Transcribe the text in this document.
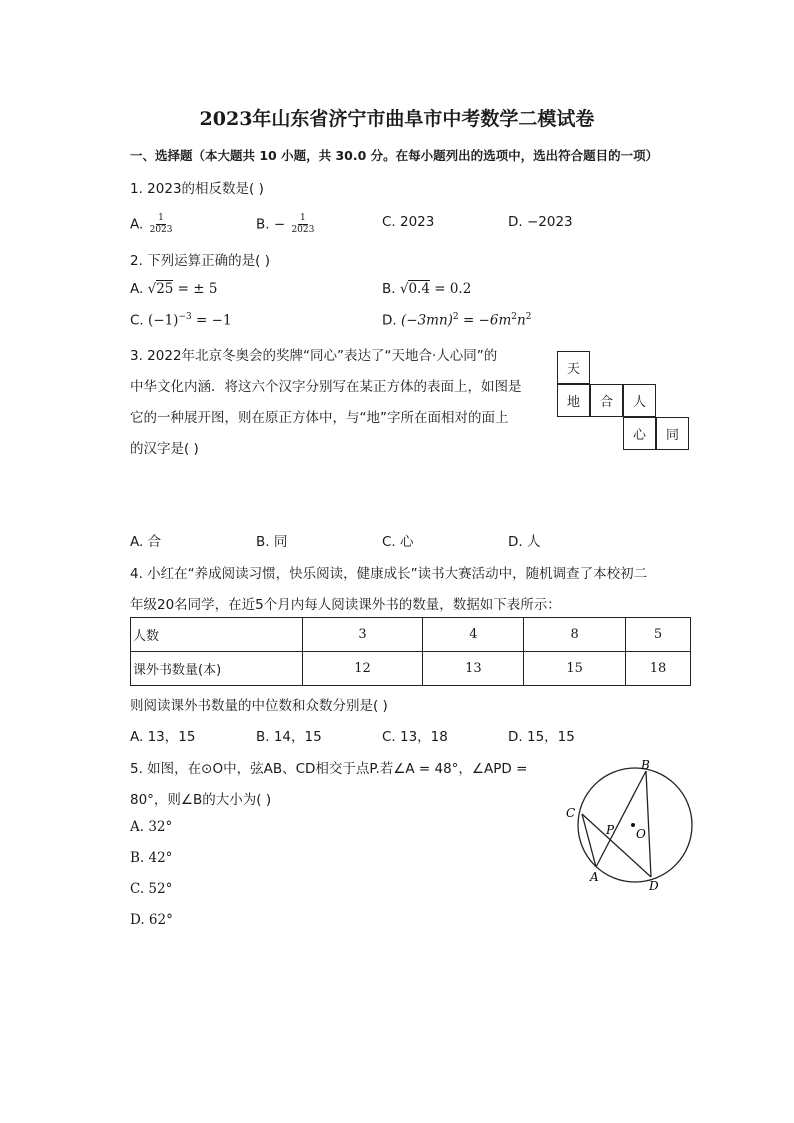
2023年山东省济宁市曲阜市中考数学二模试卷
一、选择题（本大题共 10 小题，共 30.0 分。在每小题列出的选项中，选出符合题目的一项）
1. 2023的相反数是( )
A. $\frac{1}{2023}$	B. − $\frac{1}{2023}$	C. 2023	D. −2023
2. 下列运算正确的是( )
A. √25 = ± 5	B. √0.4 = 0.2
C. $(-1)^{-3} = -1$	D. $(-3mn)^2 = -6m^2n^2$
3. 2022年北京冬奥会的奖牌“同心”表达了“天地合·人心同”的
中华文化内涵．将这六个汉字分别写在某正方体的表面上，如图是
它的一种展开图，则在原正方体中，与“地”字所在面相对的面上
的汉字是( )
天
地	合	人
心	同
A. 合	B. 同	C. 心	D. 人
4. 小红在“养成阅读习惯，快乐阅读，健康成长”读书大赛活动中，随机调查了本校初二
年级20名同学，在近5个月内每人阅读课外书的数量，数据如下表所示：
人数	3	4	8	5
课外书数量(本)	12	13	15	18
则阅读课外书数量的中位数和众数分别是( )
A. 13，15	B. 14，15	C. 13，18	D. 15，15
5. 如图，在⊙O中，弦AB、CD相交于点P.若∠A = 48°，∠APD =
80°，则∠B的大小为( )
A. 32°
B. 42°
C. 52°
D. 62°
B
C
P O
A
D
